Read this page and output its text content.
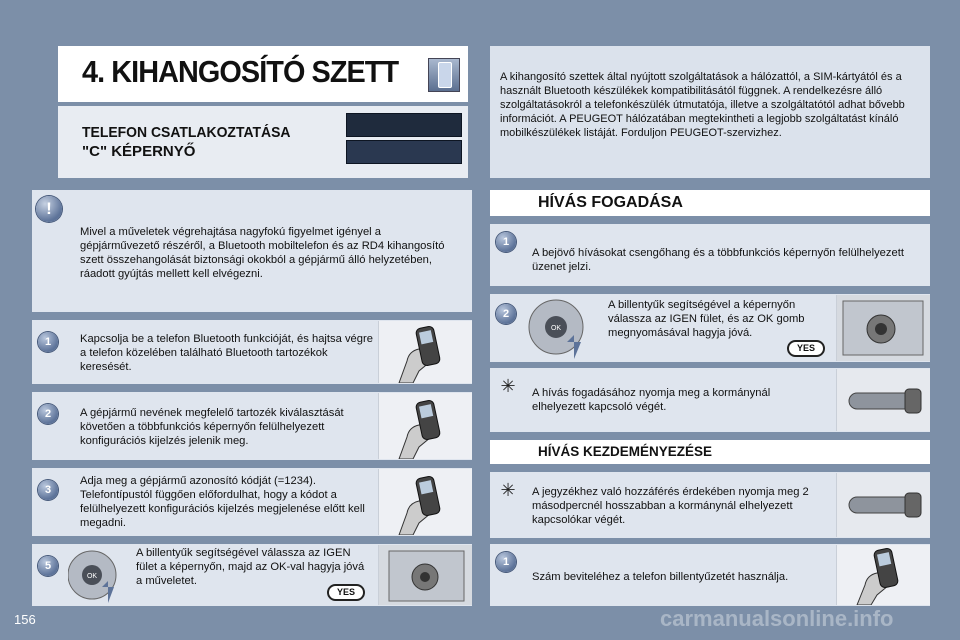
4. KIHANGOSÍTÓ SZETT
TELEFON CSATLAKOZTATÁSA
"C" KÉPERNYŐ
A kihangosító szettek által nyújtott szolgáltatások a hálózattól, a SIM-kártyától és a használt Bluetooth készülékek kompatibilitásától függnek. A rendelkezésre álló szolgáltatásokról a telefonkészülék útmutatója, illetve a szolgáltatótól adhat bővebb információt. A PEUGEOT hálózatában megtekintheti a legjobb szolgáltatást kínáló mobilkészülékek listáját. Forduljon PEUGEOT-szervizhez.
!
Mivel a műveletek végrehajtása nagyfokú figyelmet igényel a gépjárművezető részéről, a Bluetooth mobiltelefon és az RD4 kihangosító szett összehangolását biztonsági okokból a gépjármű álló helyzetében, ráadott gyújtás mellett kell elvégezni.
1	Kapcsolja be a telefon Bluetooth funkcióját, és hajtsa végre a telefon közelében található Bluetooth tartozékok keresését.
2	A gépjármű nevének megfelelő tartozék kiválasztását követően a többfunkciós képernyőn felülhelyezett konfigurációs kijelzés jelenik meg.
3
Adja meg a gépjármű azonosító kódját (=1234). Telefontípustól függően előfordulhat, hogy a kódot a felülhelyezett konfigurációs kijelzés megjelenése előtt kell megadni.
5
OK
A billentyűk segítségével válassza az IGEN fület a képernyőn, majd az OK-val hagyja jóvá a műveletet.
YES
HÍVÁS FOGADÁSA
1
A bejövő hívásokat csengőhang és a többfunkciós képernyőn felülhelyezett üzenet jelzi.
2
OK
A billentyűk segítségével a képernyőn válassza az IGEN fület, és az OK gomb megnyomásával hagyja jóvá.
YES
✳ A hívás fogadásához nyomja meg a kormánynál elhelyezett kapcsoló végét.
HÍVÁS KEZDEMÉNYEZÉSE
✳ A jegyzékhez való hozzáférés érdekében nyomja meg 2 másodpercnél hosszabban a kormánynál elhelyezett kapcsolókar végét.
1
Szám beviteléhez a telefon billentyűzetét használja.
156	carmanualsonline.info
